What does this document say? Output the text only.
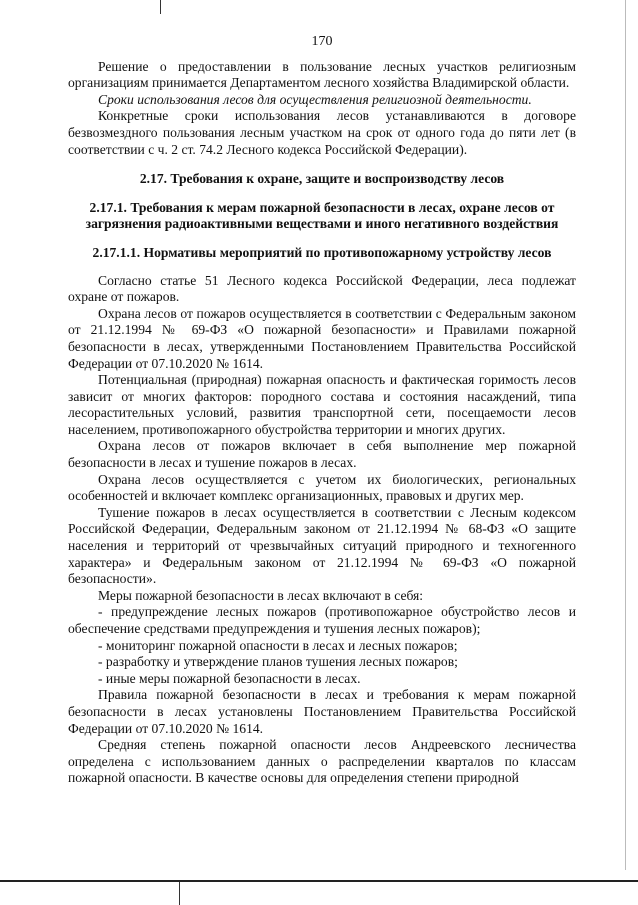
170

Решение о предоставлении в пользование лесных участков религиозным организациям принимается Департаментом лесного хозяйства Владимирской области.

Сроки использования лесов для осуществления религиозной деятельности.

Конкретные сроки использования лесов устанавливаются в договоре безвозмездного пользования лесным участком на срок от одного года до пяти лет (в соответствии с ч. 2 ст. 74.2 Лесного кодекса Российской Федерации).

2.17. Требования к охране, защите и воспроизводству лесов

2.17.1. Требования к мерам пожарной безопасности в лесах, охране лесов от загрязнения радиоактивными веществами и иного негативного воздействия

2.17.1.1. Нормативы мероприятий по противопожарному устройству лесов

Согласно статье 51 Лесного кодекса Российской Федерации, леса подлежат охране от пожаров.

Охрана лесов от пожаров осуществляется в соответствии с Федеральным законом от 21.12.1994 № 69-ФЗ «О пожарной безопасности» и Правилами пожарной безопасности в лесах, утвержденными Постановлением Правительства Российской Федерации от 07.10.2020 № 1614.

Потенциальная (природная) пожарная опасность и фактическая горимость лесов зависит от многих факторов: породного состава и состояния насаждений, типа лесорастительных условий, развития транспортной сети, посещаемости лесов населением, противопожарного обустройства территории и многих других.

Охрана лесов от пожаров включает в себя выполнение мер пожарной безопасности в лесах и тушение пожаров в лесах.

Охрана лесов осуществляется с учетом их биологических, региональных особенностей и включает комплекс организационных, правовых и других мер.

Тушение пожаров в лесах осуществляется в соответствии с Лесным кодексом Российской Федерации, Федеральным законом от 21.12.1994 № 68-ФЗ «О защите населения и территорий от чрезвычайных ситуаций природного и техногенного характера» и Федеральным законом от 21.12.1994 № 69-ФЗ «О пожарной безопасности».

Меры пожарной безопасности в лесах включают в себя:

- предупреждение лесных пожаров (противопожарное обустройство лесов и обеспечение средствами предупреждения и тушения лесных пожаров);

- мониторинг пожарной опасности в лесах и лесных пожаров;

- разработку и утверждение планов тушения лесных пожаров;

- иные меры пожарной безопасности в лесах.

Правила пожарной безопасности в лесах и требования к мерам пожарной безопасности в лесах установлены Постановлением Правительства Российской Федерации от 07.10.2020 № 1614.

Средняя степень пожарной опасности лесов Андреевского лесничества определена с использованием данных о распределении кварталов по классам пожарной опасности. В качестве основы для определения степени природной
